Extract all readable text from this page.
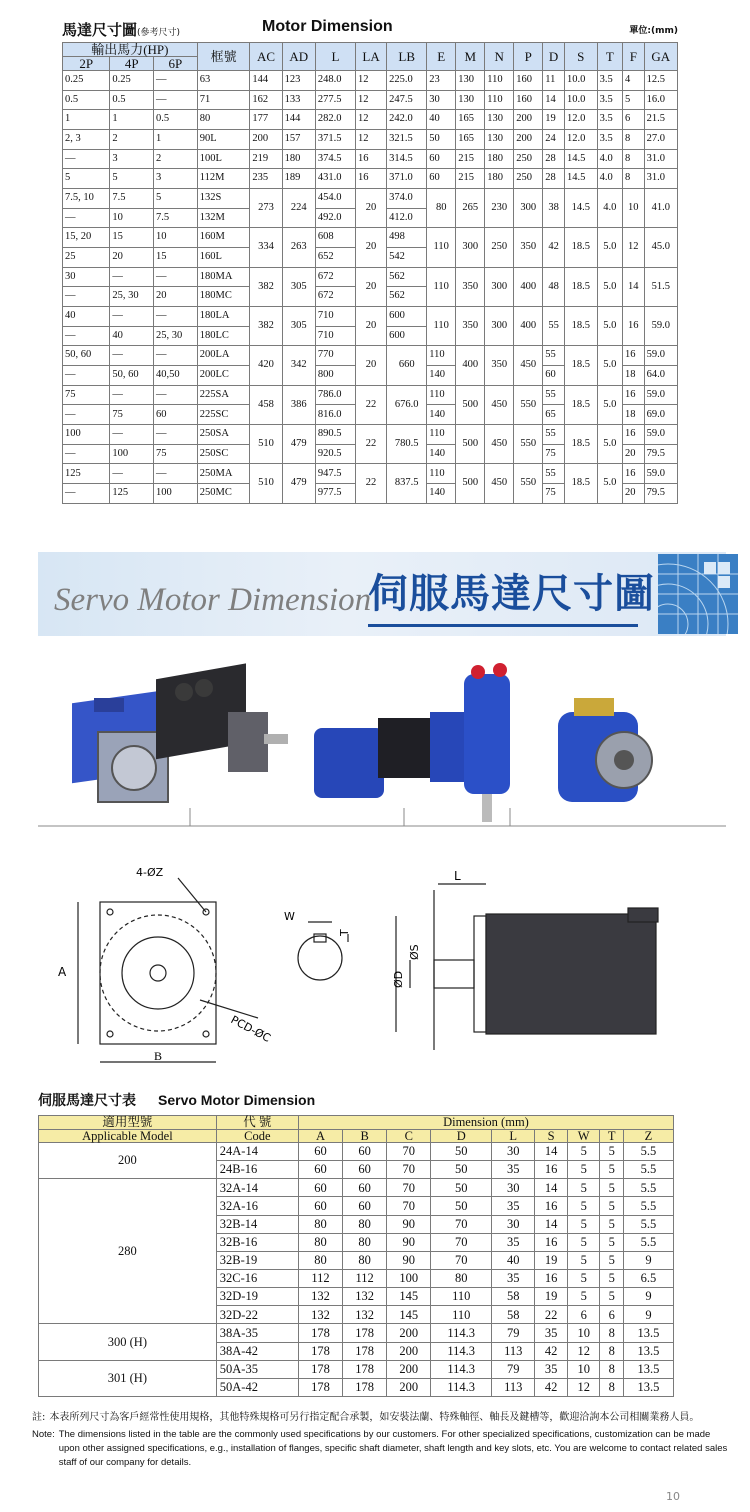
馬達尺寸圖(參考尺寸)	Motor Dimension	單位:(mm)
輸出馬力(HP)			框號	AC	AD	L	LA	LB	E	M	N	P	D	S	T	F	GA
2P	4P	6P															
0.25	0.25	—	63	144	123	248.0	12	225.0	23	130	110	160	11	10.0	3.5	4	12.5
0.5	0.5	—	71	162	133	277.5	12	247.5	30	130	110	160	14	10.0	3.5	5	16.0
1	1	0.5	80	177	144	282.0	12	242.0	40	165	130	200	19	12.0	3.5	6	21.5
2, 3	2	1	90L	200	157	371.5	12	321.5	50	165	130	200	24	12.0	3.5	8	27.0
—	3	2	100L	219	180	374.5	16	314.5	60	215	180	250	28	14.5	4.0	8	31.0
5	5	3	112M	235	189	431.0	16	371.0	60	215	180	250	28	14.5	4.0	8	31.0
7.5, 10	7.5	5	132S	273	224	454.0	20	374.0	80	265	230	300	38	14.5	4.0	10	41.0
—	10	7.5	132M			492.0		412.0									
15, 20	15	10	160M	334	263	608	20	498	110	300	250	350	42	18.5	5.0	12	45.0
25	20	15	160L			652		542									
30	—	—	180MA	382	305	672	20	562	110	350	300	400	48	18.5	5.0	14	51.5
—	25, 30	20	180MC			672		562									
40	—	—	180LA	382	305	710	20	600	110	350	300	400	55	18.5	5.0	16	59.0
—	40	25, 30	180LC			710		600									
50, 60	—	—	200LA	420	342	770	20	660	110	400	350	450	55	18.5	5.0	16	59.0
—	50, 60	40,50	200LC			800			140				60			18	64.0
75	—	—	225SA	458	386	786.0	22	676.0	110	500	450	550	55	18.5	5.0	16	59.0
—	75	60	225SC			816.0			140				65			18	69.0
100	—	—	250SA	510	479	890.5	22	780.5	110	500	450	550	55	18.5	5.0	16	59.0
—	100	75	250SC			920.5			140				75			20	79.5
125	—	—	250MA	510	479	947.5	22	837.5	110	500	450	550	55	18.5	5.0	16	59.0
—	125	100	250MC			977.5			140				75			20	79.5
Servo Motor Dimension
伺服馬達尺寸圖
4-ØZ
A
B
PCD-ØC
W
T
L
ØS
ØD
伺服馬達尺寸表 Servo Motor Dimension
適用型號	代 號	Dimension (mm)								
Applicable Model	Code	A	B	C	D	L	S	W	T	Z
200	24A-14	60	60	70	50	30	14	5	5	5.5
	24B-16	60	60	70	50	35	16	5	5	5.5
280	32A-14	60	60	70	50	30	14	5	5	5.5
	32A-16	60	60	70	50	35	16	5	5	5.5
	32B-14	80	80	90	70	30	14	5	5	5.5
	32B-16	80	80	90	70	35	16	5	5	5.5
	32B-19	80	80	90	70	40	19	5	5	9
	32C-16	112	112	100	80	35	16	5	5	6.5
	32D-19	132	132	145	110	58	19	5	5	9
	32D-22	132	132	145	110	58	22	6	6	9
300 (H)	38A-35	178	178	200	114.3	79	35	10	8	13.5
	38A-42	178	178	200	114.3	113	42	12	8	13.5
301 (H)	50A-35	178	178	200	114.3	79	35	10	8	13.5
	50A-42	178	178	200	114.3	113	42	12	8	13.5
註: 本表所列尺寸為客戶經常性使用規格，其他特殊規格可另行指定配合承製，如安裝法蘭、特殊軸徑、軸長及鍵槽等，歡迎洽詢本公司相關業務人員。
Note: The dimensions listed in the table are the commonly used specifications by our customers. For other specialized specifications, customization can be made upon other assigned specifications, e.g., installation of flanges, specific shaft diameter, shaft length and key slots, etc. You are welcome to contact related sales staff of our company for details.
10
